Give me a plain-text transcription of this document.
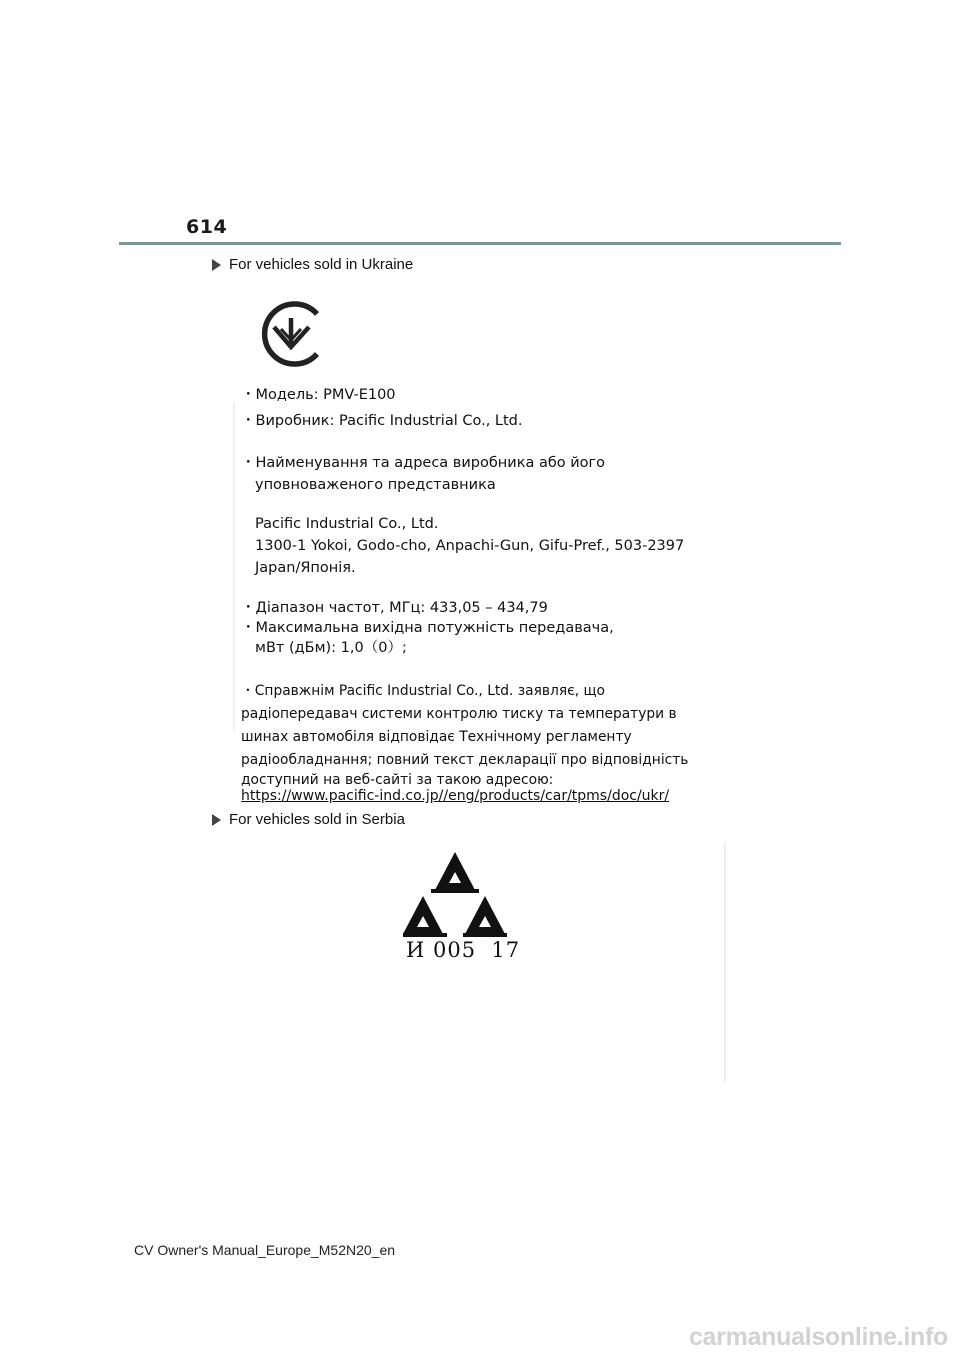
614
For vehicles sold in Ukraine
・Модель: PMV-E100
・Виробник: Pacific Industrial Co., Ltd.
・Найменування та адреса виробника або його
уповноваженого представника
Pacific Industrial Co., Ltd.
1300-1 Yokoi, Godo-cho, Anpachi-Gun, Gifu-Pref., 503-2397
Japan/Японія.
・Діапазон частот, МГц: 433,05 – 434,79
・Максимальна вихідна потужність передавача,
мВт (дБм): 1,0（0）;
・Справжнім Pacific Industrial Co., Ltd. заявляє, що
радіопередавач системи контролю тиску та температури в
шинах автомобіля відповідає Технічному регламенту
радіообладнання; повний текст декларації про відповідність
доступний на веб-сайті за такою адресою:
https://www.pacific-ind.co.jp//eng/products/car/tpms/doc/ukr/
For vehicles sold in Serbia
И 005  17
CV Owner's Manual_Europe_M52N20_en
carmanualsonline.info
